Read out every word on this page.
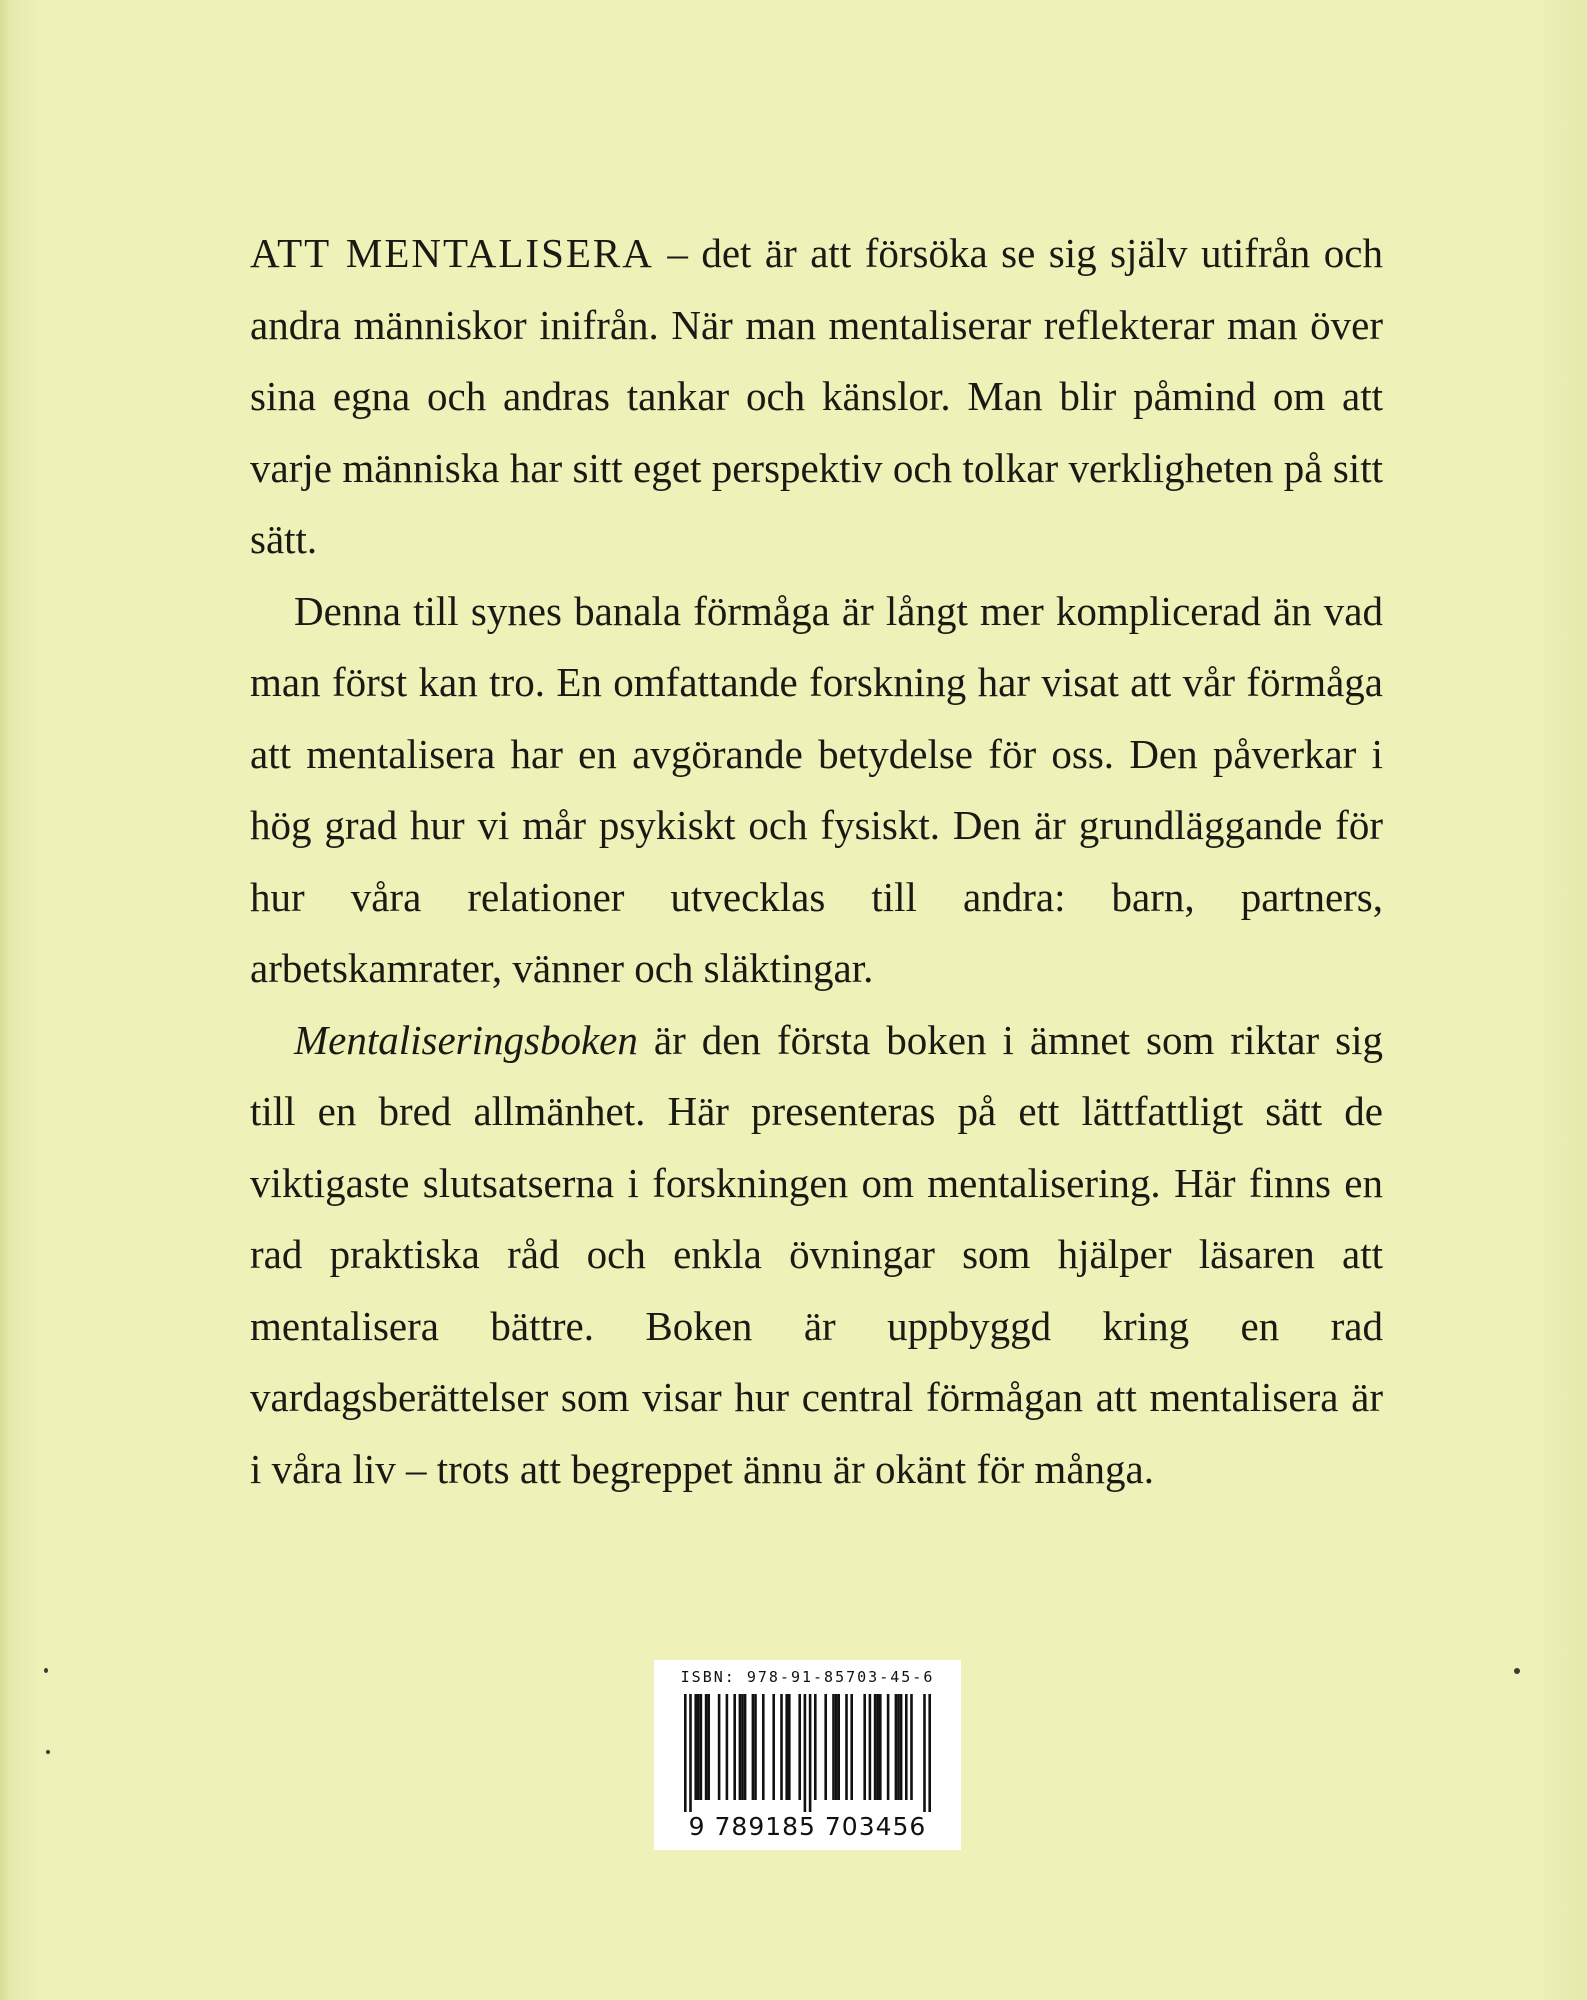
ATT MENTALISERA – det är att försöka se sig själv utifrån och andra människor inifrån. När man mentaliserar reflekterar man över sina egna och andras tankar och känslor. Man blir påmind om att varje människa har sitt eget perspektiv och tolkar verkligheten på sitt sätt.

Denna till synes banala förmåga är långt mer komplicerad än vad man först kan tro. En omfattande forskning har visat att vår förmåga att mentalisera har en avgörande betydelse för oss. Den påverkar i hög grad hur vi mår psykiskt och fysiskt. Den är grundläggande för hur våra relationer utvecklas till andra: barn, partners, arbetskamrater, vänner och släktingar.

Mentaliseringsboken är den första boken i ämnet som riktar sig till en bred allmänhet. Här presenteras på ett lättfattligt sätt de viktigaste slutsatserna i forskningen om mentalisering. Här finns en rad praktiska råd och enkla övningar som hjälper läsaren att mentalisera bättre. Boken är uppbyggd kring en rad vardagsberättelser som visar hur central förmågan att mentalisera är i våra liv – trots att begreppet ännu är okänt för många.

ISBN: 978-91-85703-45-6
9 789185 703456
